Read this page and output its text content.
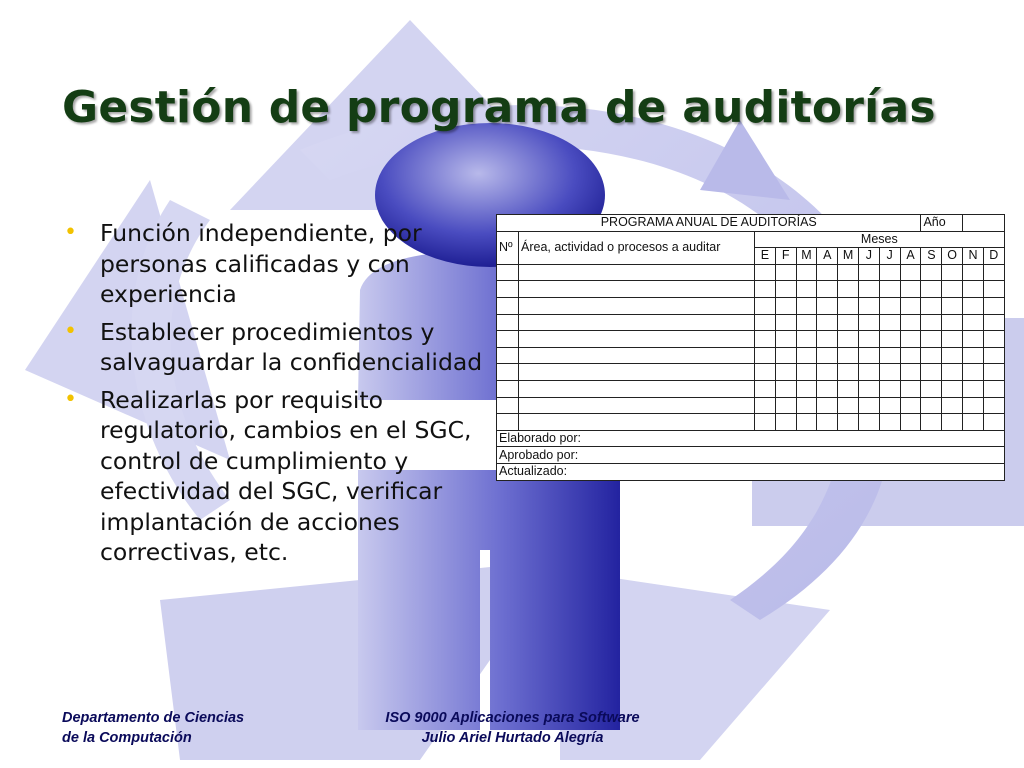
Gestión de programa de auditorías
• Función independiente, por personas calificadas y con experiencia
• Establecer procedimientos y salvaguardar la confidencialidad
• Realizarlas por requisito regulatorio, cambios en el SGC, control de cumplimiento y efectividad del SGC, verificar implantación de acciones correctivas, etc.
PROGRAMA ANUAL DE AUDITORÍAS										Año			
Nº	Área, actividad o procesos a auditar	Meses											
		E	F	M	A	M	J	J	A	S	O	N	D

Elaborado por:													
Aprobado por:													
Actualizado:													
Departamento de Ciencias
de la Computación
ISO 9000 Aplicaciones para Software
Julio Ariel Hurtado Alegría
